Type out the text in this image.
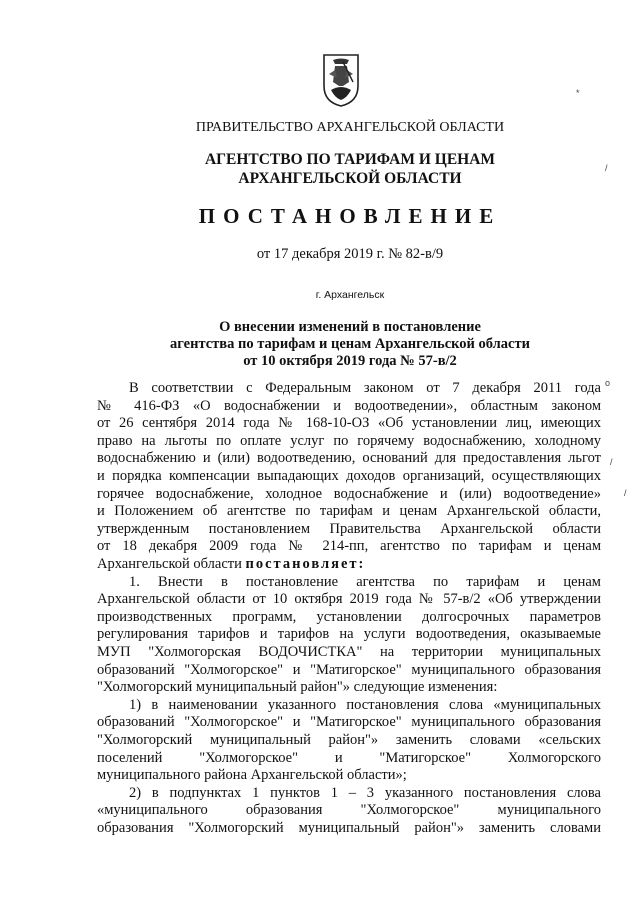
ПРАВИТЕЛЬСТВО АРХАНГЕЛЬСКОЙ ОБЛАСТИ
АГЕНТСТВО ПО ТАРИФАМ И ЦЕНАМ
АРХАНГЕЛЬСКОЙ ОБЛАСТИ
ПОСТАНОВЛЕНИЕ
от 17 декабря 2019 г. № 82-в/9
г. Архангельск
О внесении изменений в постановление
агентства по тарифам и ценам Архангельской области
от 10 октября 2019 года № 57-в/2
В соответствии с Федеральным законом от 7 декабря 2011 года
№ 416-ФЗ «О водоснабжении и водоотведении», областным законом
от 26 сентября 2014 года № 168-10-ОЗ «Об установлении лиц, имеющих
право на льготы по оплате услуг по горячему водоснабжению, холодному
водоснабжению и (или) водоотведению, оснований для предоставления льгот
и порядка компенсации выпадающих доходов организаций, осуществляющих
горячее водоснабжение, холодное водоснабжение и (или) водоотведение»
и Положением об агентстве по тарифам и ценам Архангельской области,
утвержденным постановлением Правительства Архангельской области
от 18 декабря 2009 года № 214-пп, агентство по тарифам и ценам
Архангельской области постановляет:
1. Внести в постановление агентства по тарифам и ценам
Архангельской области от 10 октября 2019 года № 57-в/2 «Об утверждении
производственных программ, установлении долгосрочных параметров
регулирования тарифов и тарифов на услуги водоотведения, оказываемые
МУП "Холмогорская ВОДОЧИСТКА" на территории муниципальных
образований "Холмогорское" и "Матигорское" муниципального образования
"Холмогорский муниципальный район"» следующие изменения:
1) в наименовании указанного постановления слова «муниципальных
образований "Холмогорское" и "Матигорское" муниципального образования
"Холмогорский муниципальный район"» заменить словами «сельских
поселений "Холмогорское" и "Матигорское" Холмогорского
муниципального района Архангельской области»;
2) в подпунктах 1 пунктов 1 – 3 указанного постановления слова
«муниципального образования "Холмогорское" муниципального
образования "Холмогорский муниципальный район"» заменить словами
/
/
/
о
*
